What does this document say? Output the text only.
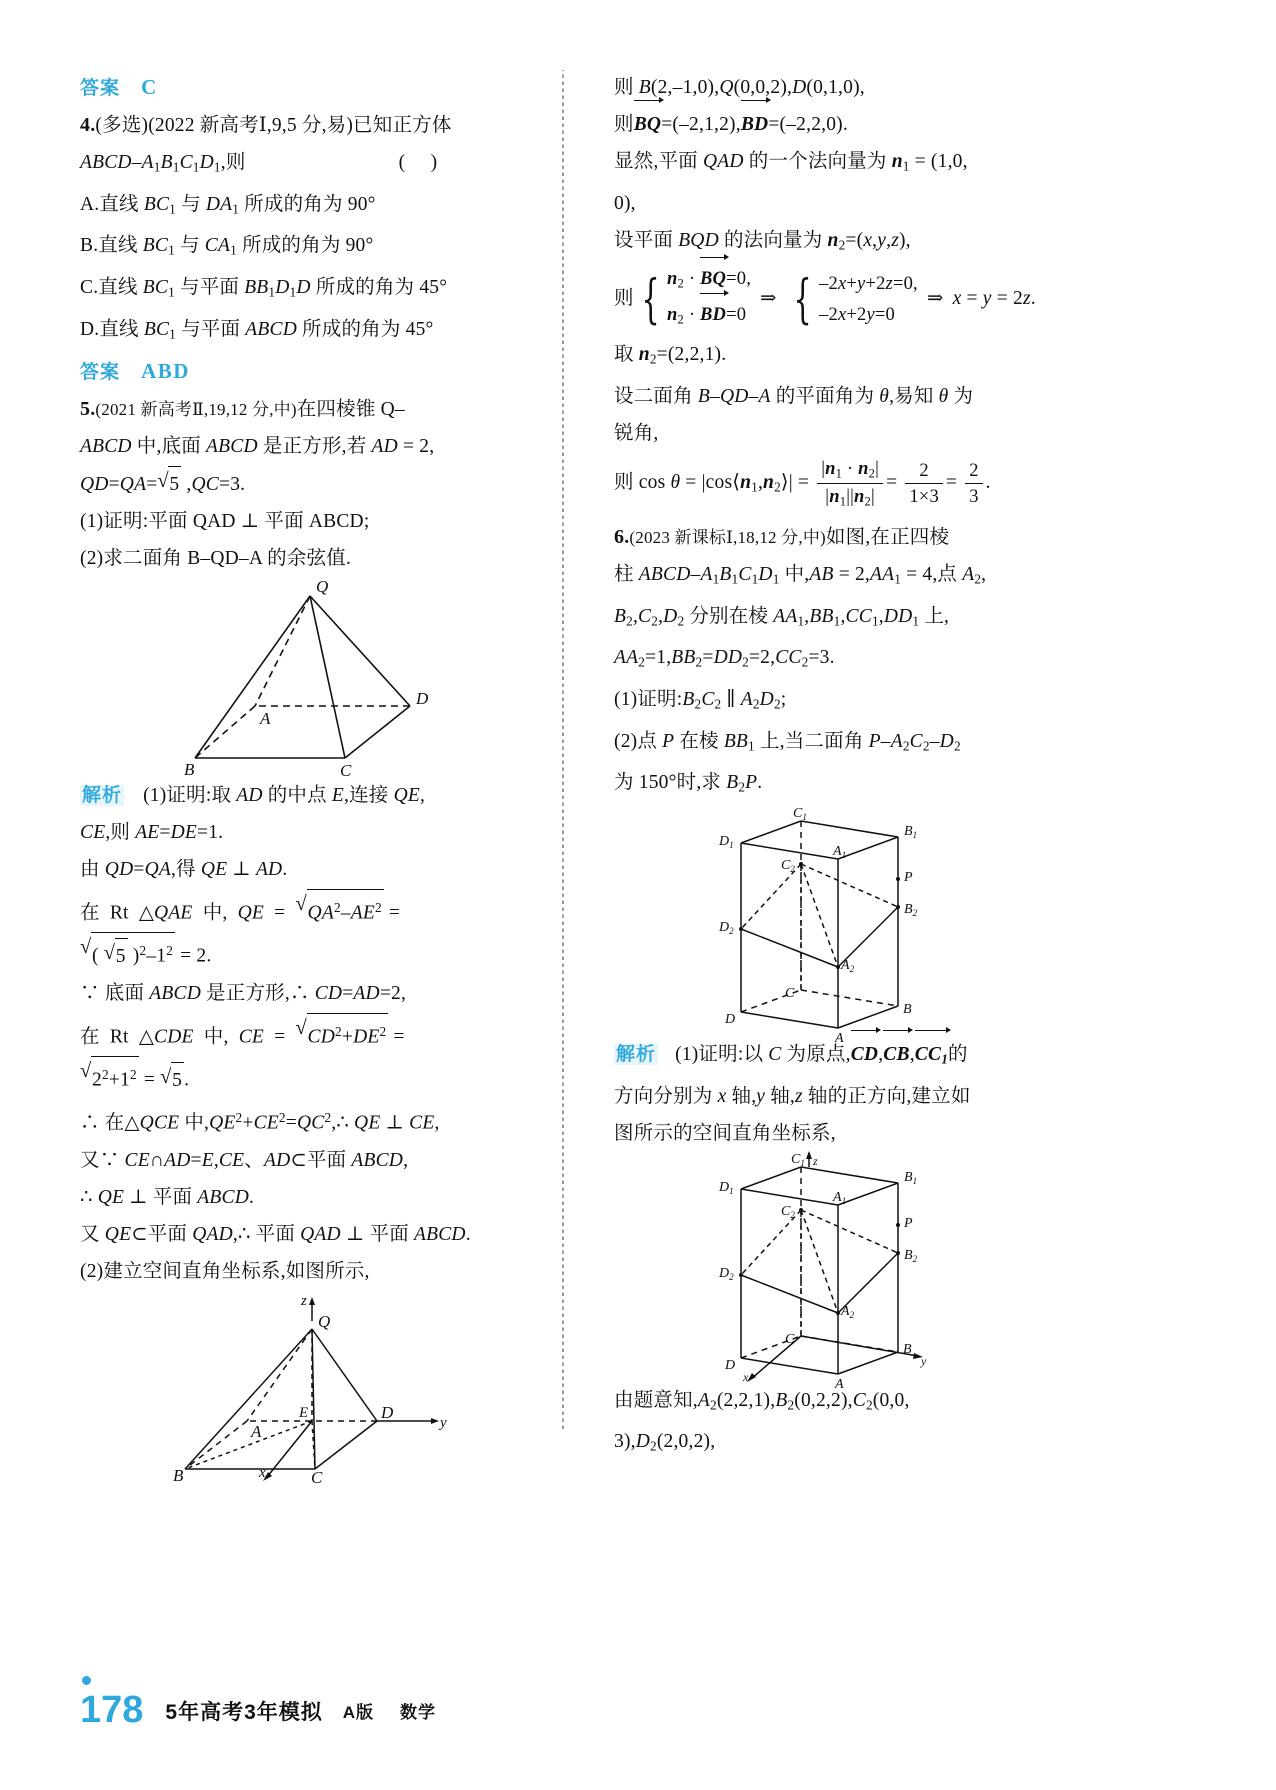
答案 C

4.(多选)(2022 新高考Ⅰ,9,5 分,易)已知正方体

ABCD–$A_1B_1C_1D_1$,则	(     )

A.直线 $BC_1$ 与 $DA_1$ 所成的角为 90°

B.直线 $BC_1$ 与 $CA_1$ 所成的角为 90°

C.直线 $BC_1$ 与平面 $BB_1D_1D$ 所成的角为 45°

D.直线 $BC_1$ 与平面 ABCD 所成的角为 45°

答案 ABD

5.(2021 新高考Ⅱ,19,12 分,中)在四棱锥 Q–

ABCD 中,底面 ABCD 是正方形,若 AD = 2,

QD=QA= √ 5 ,QC=3.

(1)证明:平面 QAD ⊥ 平面 ABCD;

(2)求二面角 B–QD–A 的余弦值.

Q
A
D
B	C

解析 (1)证明:取 AD 的中点 E,连接 QE,

CE,则 AE=DE=1.

由 QD=QA,得 QE ⊥ AD.

在  Rt  △QAE  中,  QE  =  √ $QA^2-AE^2$ =

√ ( √ 5 )$^2-1^2 = 2$.

∵ 底面 ABCD 是正方形,∴ CD=AD=2,

在  Rt  △CDE  中,  CE  =  √ $CD^2+DE^2$ =

√ $2^2+1^2$ = √ 5 .

∴ 在△QCE 中$,QE^2+CE^2=QC^2,\therefore$ QE ⊥ CE,

又∵ CE∩AD=E,CE、AD⊂平面 ABCD,

∴ QE ⊥ 平面 ABCD.

又 QE⊂平面 QAD,∴ 平面 QAD ⊥ 平面 ABCD.

(2)建立空间直角坐标系,如图所示,

z
y
x
Q
E
A
D
B	C

则 B(2,–1,0),Q(0,0,2),D(0,1,0),

则BQ
=(–2,1,2),BD
=(–2,2,0).

显然,平面 QAD 的一个法向量为 $n_1 = (1,0$,

0),

设平面 BQD 的法向量为 $n_2=(x,y,z)$,

则 { $n_2$ · BQ
=0,
$n_2$ · BD
=0
⇒ { –2x+y+2z=0,
–2x+2y=0
⇒ x = y = 2z.

取 $n_2=(2,2,1)$.

设二面角 B–QD–A 的平面角为 θ,易知 θ 为

锐角,

则 $\cos \theta = |\cos⟨n_1,n_2⟩| = \frac{|n_1 \cdot n_2|}{|n_1||n_2|} = \frac{2}{1\times 3} = \frac{2}{3}$ .

6.(2023 新课标Ⅰ,18,12 分,中)如图,在正四棱

柱 ABCD–$A_1B_1C_1D_1$ 中$,AB = 2,AA_1 = 4$,点 $A_2$,

$B_2,C_2,D_2$ 分别在棱 $AA_1,BB_1,CC_1,DD_1$ 上,

$AA_2=1,BB_2=DD_2=2,CC_2=3$.

(1)证明$:B_2C_2$ ∥ $A_2D_2$;

(2)点 P 在棱 $BB_1$ 上,当二面角 $P-A_2C_2-D_2$

为 150°时,求 $B_2P$.

$C_1$
$B_1$
$D_1$	$A_1$
$C_2$
P
$B_2$
$D_2$
$A_2$
C
B
D
A

解析 (1)证明:以 C 为原点,CD
,CB
$,CC_1$
的

方向分别为 x 轴,y 轴,z 轴的正方向,建立如

图所示的空间直角坐标系,

z
y
x
$C_1$
$B_1$
$D_1$	$A_1$
$C_2$
P
$B_2$
$D_2$
$A_2$
C
B
D
A

由题意知$,A_2(2,2,1),B_2(0,2,2),C_2(0,0$,

$3),D_2(2,0,2)$,

178 5年高考3年模拟 A版 数学
